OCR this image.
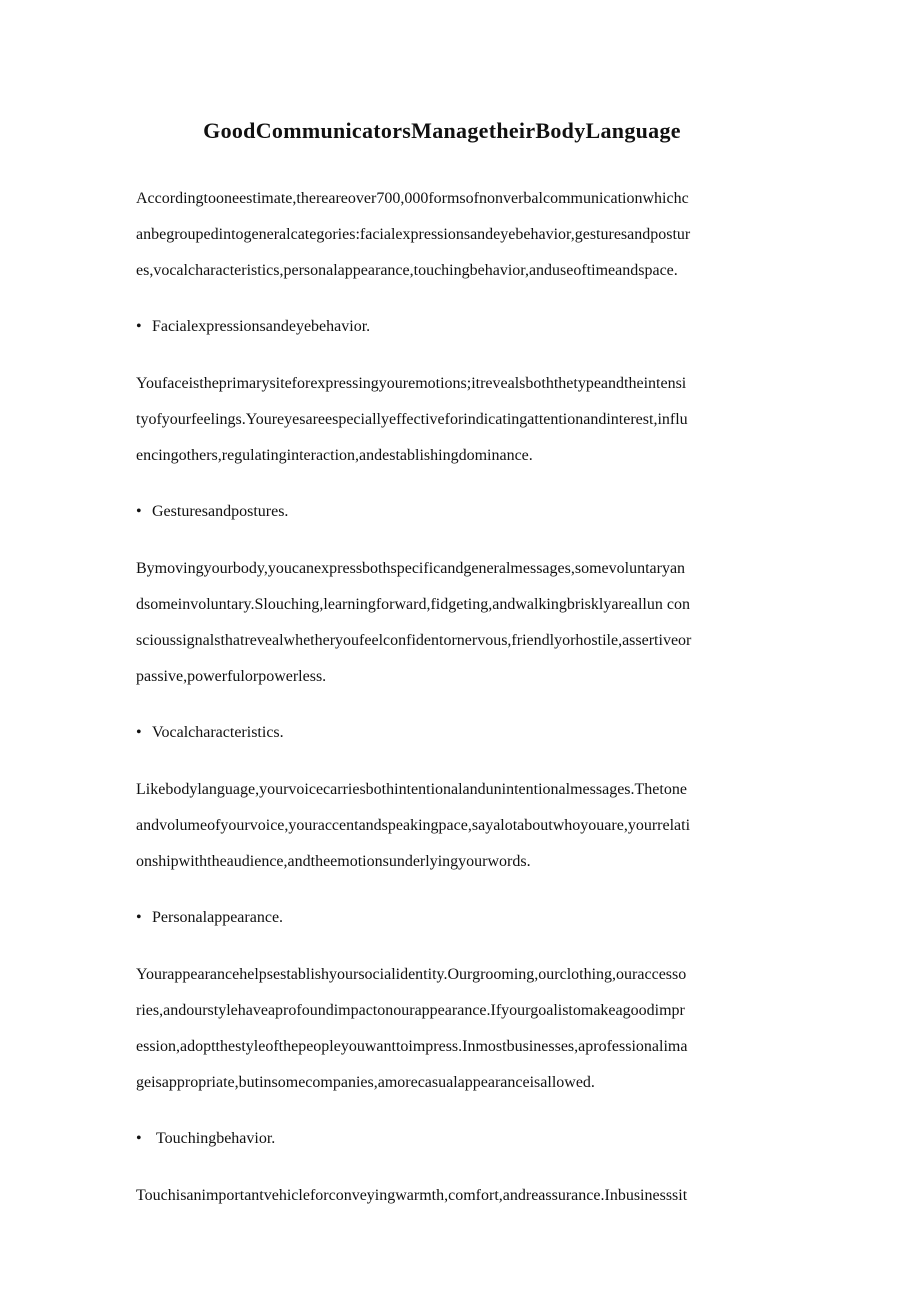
GoodCommunicatorsManagetheirBodyLanguage

Accordingtooneestimate,thereareover700,000formsofnonverbalcommunicationwhichc

anbegroupedintogeneralcategories:facialexpressionsandeyebehavior,gesturesandpostur

es,vocalcharacteristics,personalappearance,touchingbehavior,anduseoftimeandspace.

• Facialexpressionsandeyebehavior.

Youfaceistheprimarysiteforexpressingyouremotions;itrevealsboththetypeandtheintensi

tyofyourfeelings.Youreyesareespeciallyeffectiveforindicatingattentionandinterest,influ

encingothers,regulatinginteraction,andestablishingdominance.

• Gesturesandpostures.

Bymovingyourbody,youcanexpressbothspecificandgeneralmessages,somevoluntaryan

dsomeinvoluntary.Slouching,learningforward,fidgeting,andwalkingbrisklyareallun con

scioussignalsthatrevealwhetheryoufeelconfidentornervous,friendlyorhostile,assertiveor

passive,powerfulorpowerless.

• Vocalcharacteristics.

Likebodylanguage,yourvoicecarriesbothintentionalandunintentionalmessages.Thetone

andvolumeofyourvoice,youraccentandspeakingpace,sayalotaboutwhoyouare,yourrelati

onshipwiththeaudience,andtheemotionsunderlyingyourwords.

• Personalappearance.

Yourappearancehelpsestablishyoursocialidentity.Ourgrooming,ourclothing,ouraccesso

ries,andourstylehaveaprofoundimpactonourappearance.Ifyourgoalistomakeagoodimpr

ession,adoptthestyleofthepeopleyouwanttoimpress.Inmostbusinesses,aprofessionalima

geisappropriate,butinsomecompanies,amorecasualappearanceisallowed.

• Touchingbehavior.

Touchisanimportantvehicleforconveyingwarmth,comfort,andreassurance.Inbusinesssit
